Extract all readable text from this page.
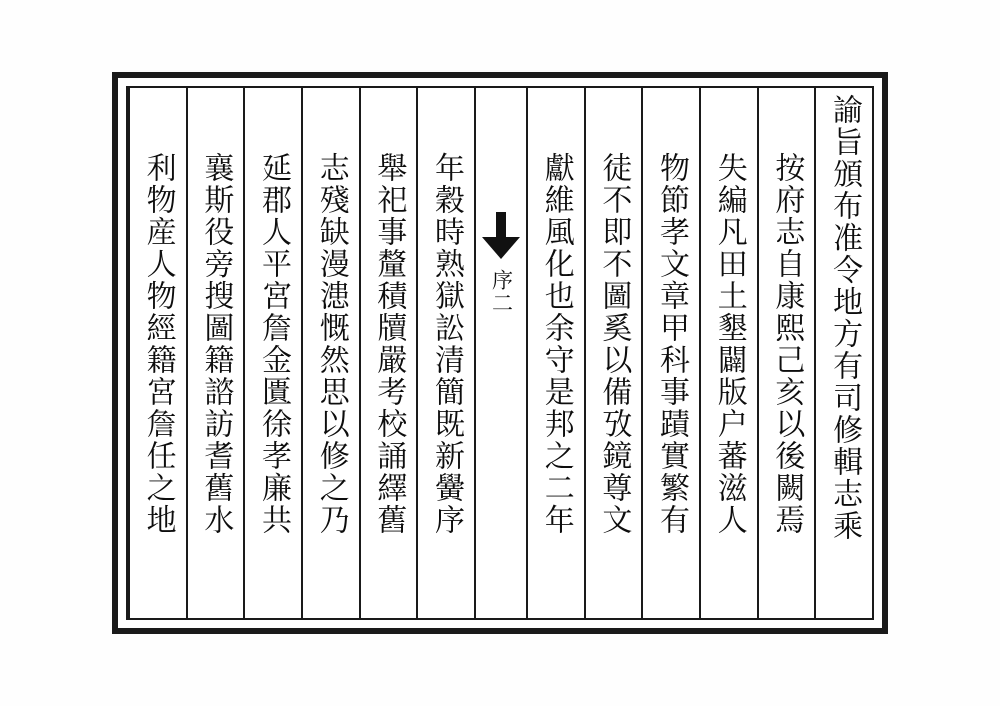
諭旨頒布准令地方有司修輯志乘
按府志自康熙己亥以後闕焉
失編凡田土墾闢版户蕃滋人
物節孝文章甲科事蹟實繁有
徒不即不圖奚以備攷鏡尊文
獻維風化也余守是邦之二年
序二
年穀時熟獄訟清簡既新黌序
舉祀事釐積牘嚴考校誦繹舊
志殘缺漫漶慨然思以修之乃
延郡人平宮詹金匱徐孝廉共
襄斯役旁搜圖籍諮訪耆舊水
利物産人物經籍宮詹任之地
